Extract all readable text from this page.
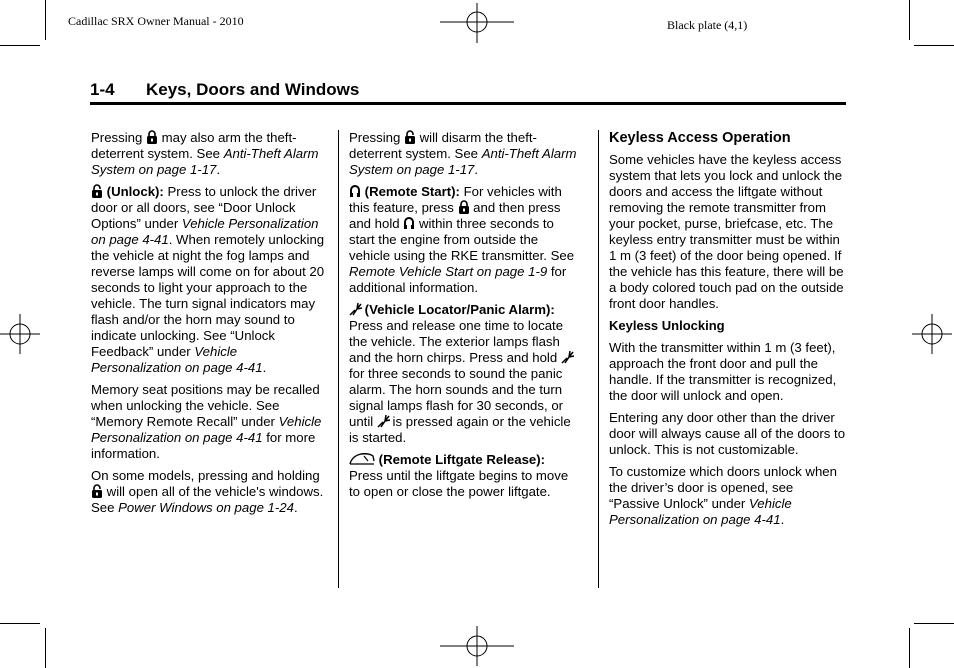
Cadillac SRX Owner Manual - 2010	Black plate (4,1)
1-4 Keys, Doors and Windows

Pressing may also arm the theft-deterrent system. See Anti-Theft Alarm System on page 1-17.

(Unlock): Press to unlock the driver door or all doors, see “Door Unlock Options” under Vehicle Personalization on page 4-41. When remotely unlocking the vehicle at night the fog lamps and reverse lamps will come on for about 20 seconds to light your approach to the vehicle. The turn signal indicators may flash and/or the horn may sound to indicate unlocking. See “Unlock Feedback” under Vehicle Personalization on page 4-41.

Memory seat positions may be recalled when unlocking the vehicle. See “Memory Remote Recall” under Vehicle Personalization on page 4-41 for more information.

On some models, pressing and holding
will open all of the vehicle's windows. See Power Windows on page 1-24.

Pressing will disarm the theft-deterrent system. See Anti-Theft Alarm System on page 1-17.

(Remote Start): For vehicles with this feature, press and then press and hold within three seconds to start the engine from outside the vehicle using the RKE transmitter. See Remote Vehicle Start on page 1-9 for additional information.

(Vehicle Locator/Panic Alarm): Press and release one time to locate the vehicle. The exterior lamps flash and the horn chirps. Press and hold
for three seconds to sound the panic alarm. The horn sounds and the turn signal lamps flash for 30 seconds, or until is pressed again or the vehicle is started.

(Remote Liftgate Release): Press until the liftgate begins to move to open or close the power liftgate.

Keyless Access Operation

Some vehicles have the keyless access system that lets you lock and unlock the doors and access the liftgate without removing the remote transmitter from your pocket, purse, briefcase, etc. The keyless entry transmitter must be within 1 m (3 feet) of the door being opened. If the vehicle has this feature, there will be a body colored touch pad on the outside front door handles.

Keyless Unlocking

With the transmitter within 1 m (3 feet), approach the front door and pull the handle. If the transmitter is recognized, the door will unlock and open.

Entering any door other than the driver door will always cause all of the doors to unlock. This is not customizable.

To customize which doors unlock when the driver’s door is opened, see “Passive Unlock” under Vehicle Personalization on page 4-41.
